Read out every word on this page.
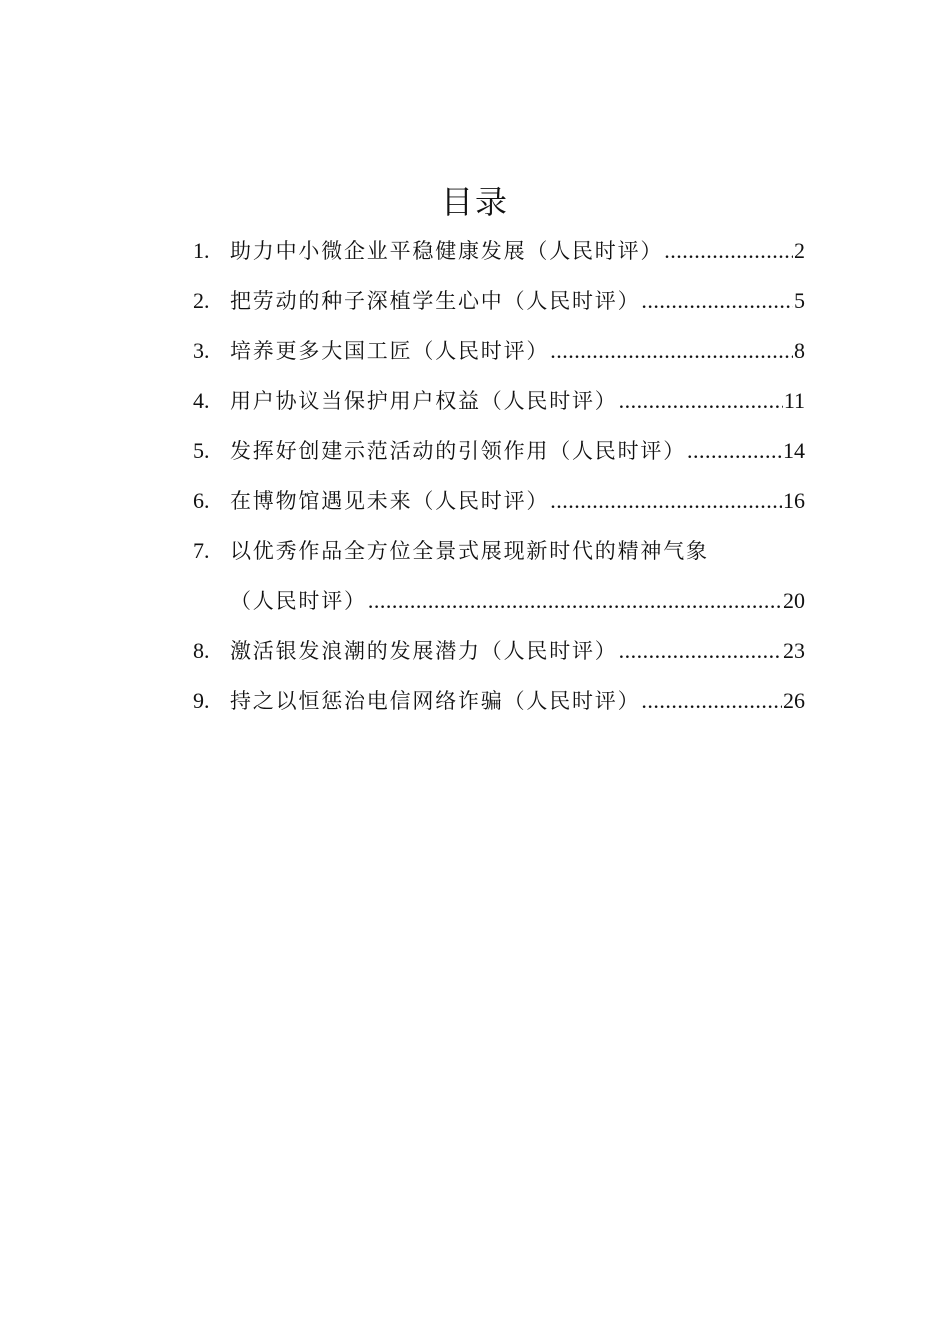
目录
1. 助力中小微企业平稳健康发展（人民时评） .....	2
2. 把劳动的种子深植学生心中（人民时评） .....	5
3. 培养更多大国工匠（人民时评） .....	8
4. 用户协议当保护用户权益（人民时评） .....	11
5. 发挥好创建示范活动的引领作用（人民时评） .....	14
6. 在博物馆遇见未来（人民时评） .....	16
7. 以优秀作品全方位全景式展现新时代的精神气象
（人民时评） .....	20
8. 激活银发浪潮的发展潜力（人民时评） .....	23
9. 持之以恒惩治电信网络诈骗（人民时评） .....	26
